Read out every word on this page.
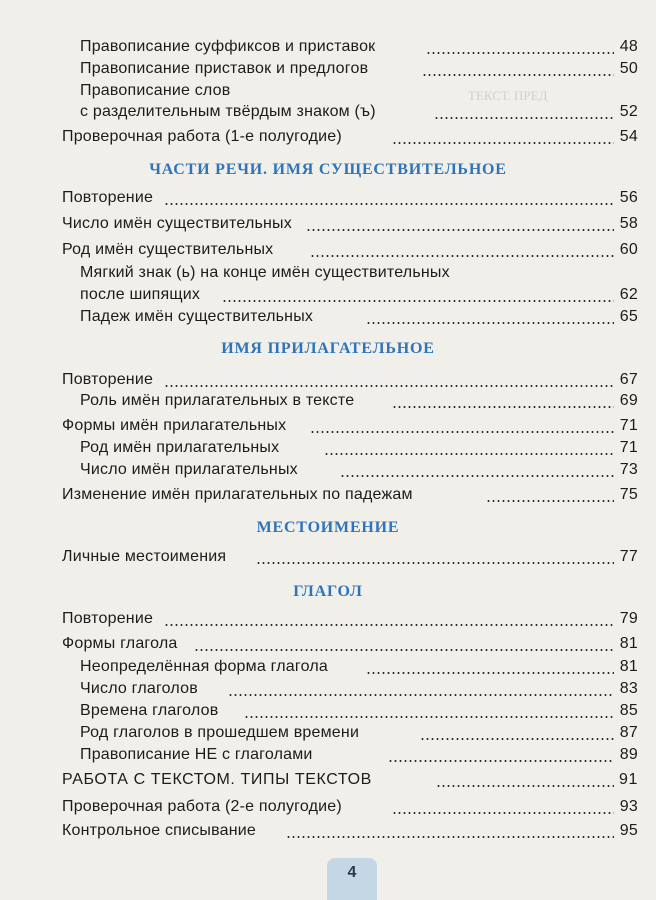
ТЕКСТ. ПРЕД
ЧАСТИ РЕЧИ. ИМЯ СУЩЕСТВИТЕЛЬНОЕ
ИМЯ ПРИЛАГАТЕЛЬНОЕ
МЕСТОИМЕНИЕ
ГЛАГОЛ
Правописание суффиксов и приставок	48
Правописание приставок и предлогов	50
Правописание слов
с разделительным твёрдым знаком (ъ)	52
Проверочная работа (1-е полугодие)	54
Повторение	56
Число имён существительных	58
Род имён существительных	60
Мягкий знак (ь) на конце имён существительных
после шипящих	62
Падеж имён существительных	65
Повторение	67
Роль имён прилагательных в тексте	69
Формы имён прилагательных	71
Род имён прилагательных	71
Число имён прилагательных	73
Изменение имён прилагательных по падежам	75
Личные местоимения	77
Повторение	79
Формы глагола	81
Неопределённая форма глагола	81
Число глаголов	83
Времена глаголов	85
Род глаголов в прошедшем времени	87
Правописание НЕ с глаголами	89
РАБОТА С ТЕКСТОМ. ТИПЫ ТЕКСТОВ	91
Проверочная работа (2-е полугодие)	93
Контрольное списывание	95
4
